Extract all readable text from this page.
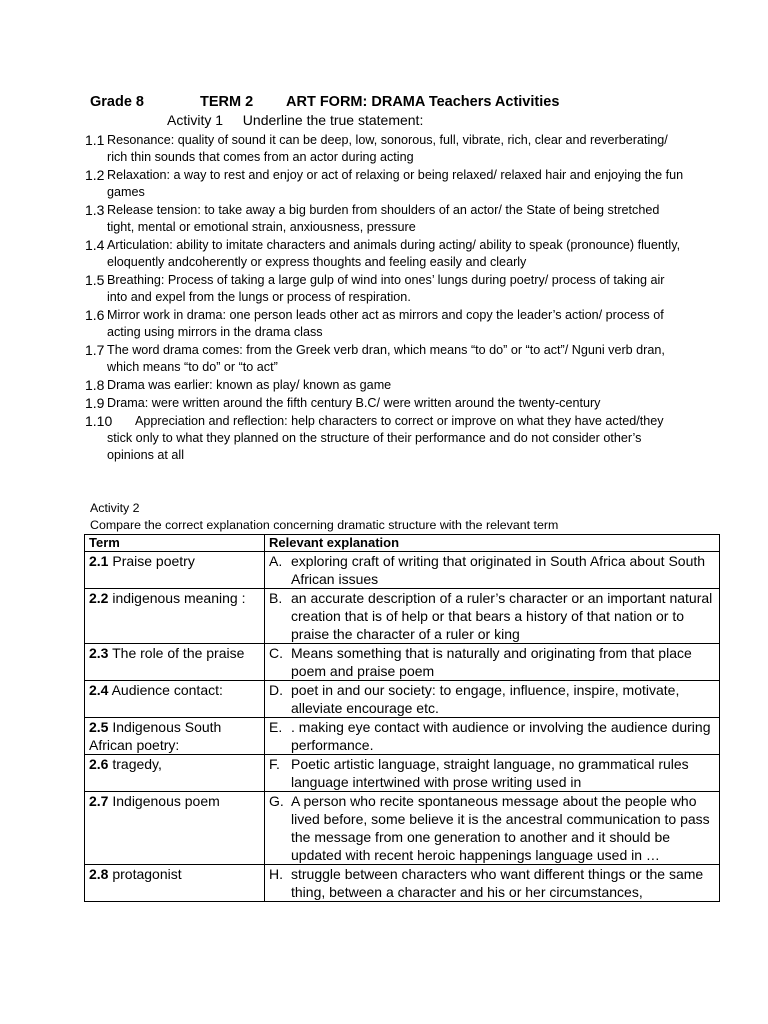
Grade 8	TERM 2 ART FORM: DRAMA Teachers Activities
Activity 1 Underline the true statement:
1.1 Resonance: quality of sound it can be deep, low, sonorous, full, vibrate, rich, clear and reverberating/ rich thin sounds that comes from an actor during acting
1.2 Relaxation: a way to rest and enjoy or act of relaxing or being relaxed/ relaxed hair and enjoying the fun games
1.3 Release tension: to take away a big burden from shoulders of an actor/ the State of being stretched tight, mental or emotional strain, anxiousness, pressure
1.4 Articulation: ability to imitate characters and animals during acting/ ability to speak (pronounce) fluently, eloquently andcoherently or express thoughts and feeling easily and clearly
1.5 Breathing: Process of taking a large gulp of wind into ones’ lungs during poetry/ process of taking air into and expel from the lungs or process of respiration.
1.6 Mirror work in drama: one person leads other act as mirrors and copy the leader’s action/ process of acting using mirrors in the drama class
1.7 The word drama comes: from the Greek verb dran, which means “to do” or “to act”/ Nguni verb dran, which means “to do” or “to act”
1.8 Drama was earlier: known as play/ known as game
1.9 Drama: were written around the fifth century B.C/ were written around the twenty-century
1.10	Appreciation and reflection: help characters to correct or improve on what they have acted/they stick only to what they planned on the structure of their performance and do not consider other’s opinions at all
Activity 2
Compare the correct explanation concerning dramatic structure with the relevant term
Term	Relevant explanation
2.1 Praise poetry	A. exploring craft of writing that originated in South Africa about South African issues

2.2 indigenous meaning :	B. an accurate description of a ruler’s character or an important natural creation that is of help or that bears a history of that nation or to praise the character of a ruler or king

2.3 The role of the praise	C. Means something that is naturally and originating from that place poem and praise poem

2.4 Audience contact:	D. poet in and our society: to engage, influence, inspire, motivate, alleviate encourage etc.

2.5 Indigenous South African poetry:	E. . making eye contact with audience or involving the audience during performance.

2.6 tragedy,	F. Poetic artistic language, straight language, no grammatical rules language intertwined with prose writing used in

2.7 Indigenous poem	G. A person who recite spontaneous message about the people who lived before, some believe it is the ancestral communication to pass the message from one generation to another and it should be updated with recent heroic happenings language used in …

2.8 protagonist	H. struggle between characters who want different things or the same thing, between a character and his or her circumstances,
